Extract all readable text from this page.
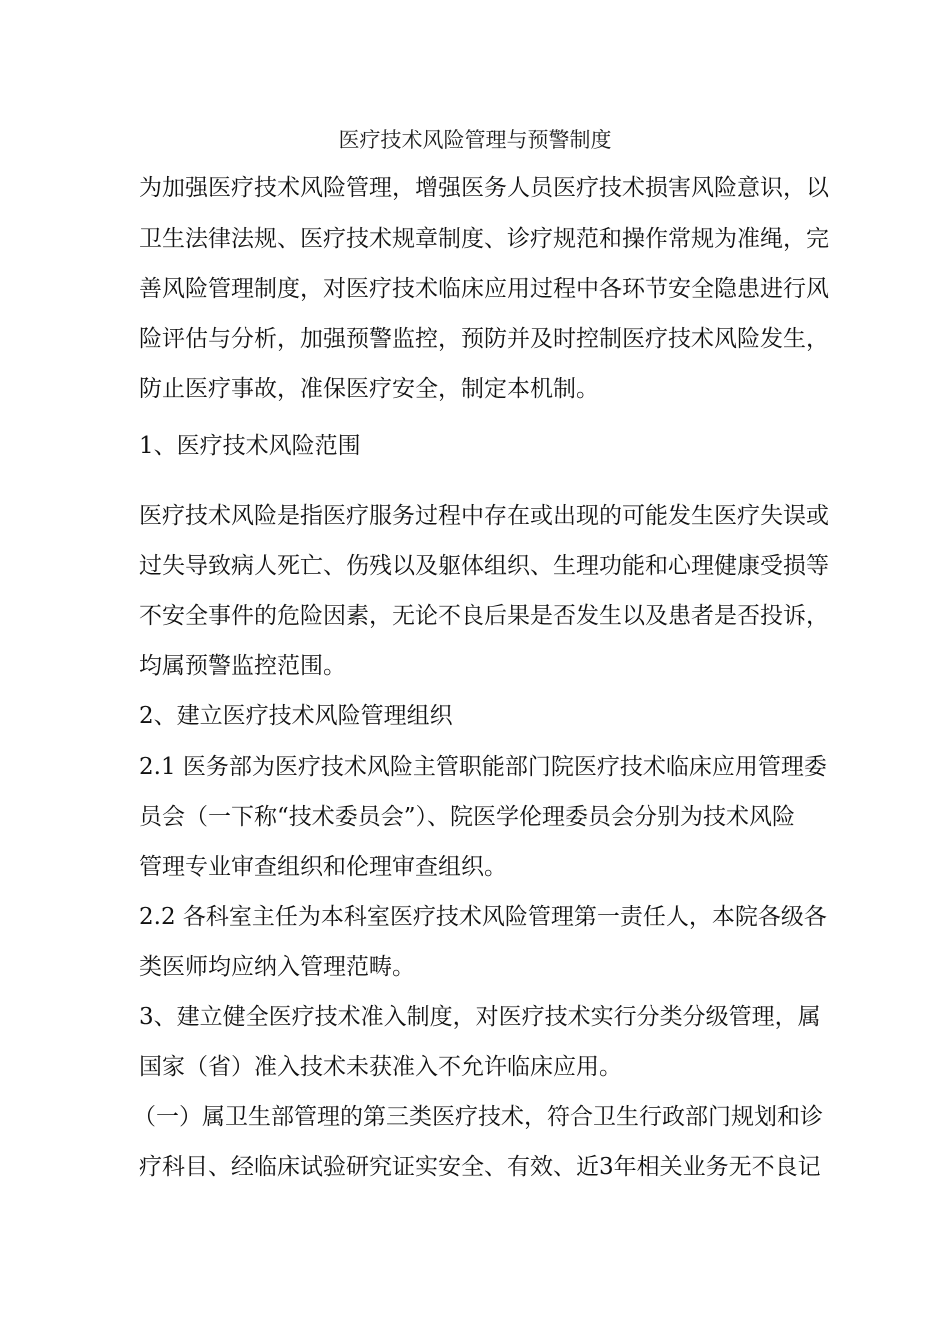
医疗技术风险管理与预警制度
为加强医疗技术风险管理，增强医务人员医疗技术损害风险意识，以
卫生法律法规、医疗技术规章制度、诊疗规范和操作常规为准绳，完
善风险管理制度，对医疗技术临床应用过程中各环节安全隐患进行风
险评估与分析，加强预警监控，预防并及时控制医疗技术风险发生，
防止医疗事故，准保医疗安全，制定本机制。
1、医疗技术风险范围
医疗技术风险是指医疗服务过程中存在或出现的可能发生医疗失误或
过失导致病人死亡、伤残以及躯体组织、生理功能和心理健康受损等
不安全事件的危险因素，无论不良后果是否发生以及患者是否投诉，
均属预警监控范围。
2、建立医疗技术风险管理组织
2.1 医务部为医疗技术风险主管职能部门院医疗技术临床应用管理委
员会（一下称“技术委员会”）、院医学伦理委员会分别为技术风险
管理专业审查组织和伦理审查组织。
2.2 各科室主任为本科室医疗技术风险管理第一责任人，本院各级各
类医师均应纳入管理范畴。
3、建立健全医疗技术准入制度，对医疗技术实行分类分级管理，属
国家（省）准入技术未获准入不允许临床应用。
（一）属卫生部管理的第三类医疗技术，符合卫生行政部门规划和诊
疗科目、经临床试验研究证实安全、有效、近3年相关业务无不良记
